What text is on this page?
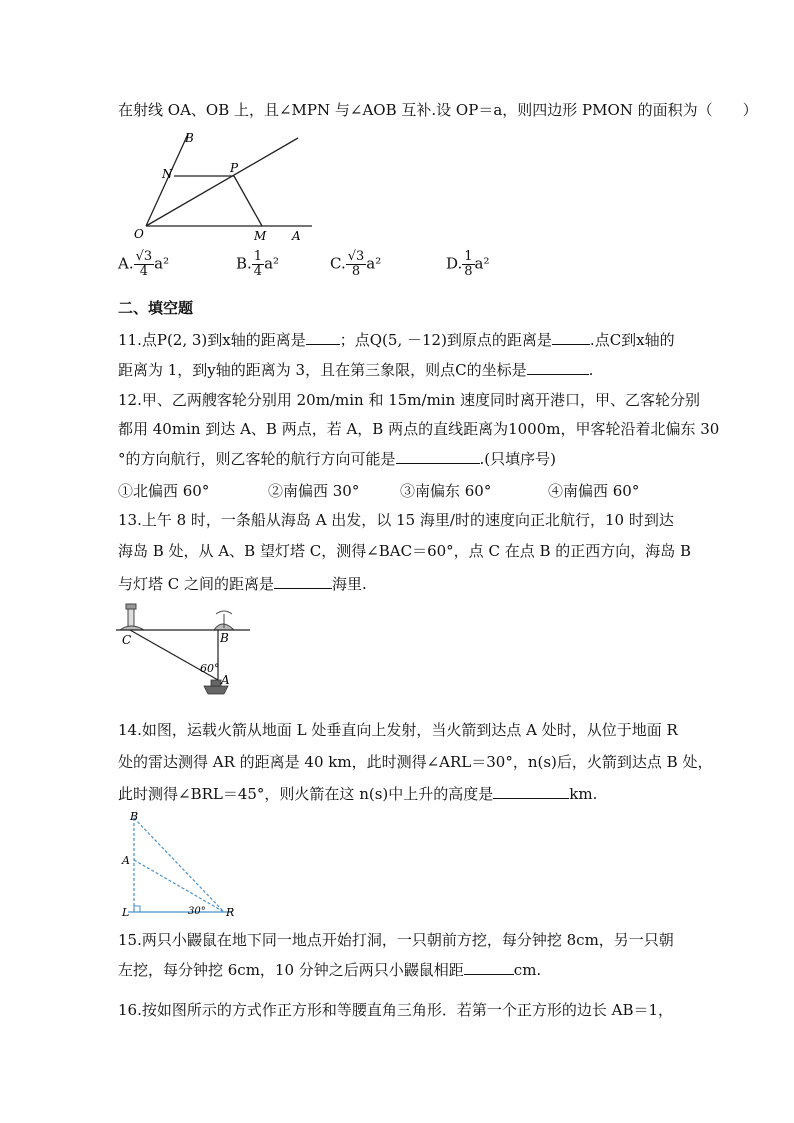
在射线 OA、OB 上，且∠MPN 与∠AOB 互补.设 OP＝a，则四边形 PMON 的面积为（　　）
B
N	P
O	M A
A. $\frac{√3}{4} a^2$	B. $\frac{1}{4} a^2$	C. $\frac{√3}{8} a^2$	D. $\frac{1}{8} a^2$
二、填空题
11.点P(2, 3)到x轴的距离是 ；点Q(5, －12)到原点的距离是	.点C到x轴的
距离为 1，到y轴的距离为 3，且在第三象限，则点C的坐标是	.
12.甲、乙两艘客轮分别用 20m/min 和 15m/min 速度同时离开港口，甲、乙客轮分别
都用 40min 到达 A、B 两点，若 A，B 两点的直线距离为1000m，甲客轮沿着北偏东 30
°的方向航行，则乙客轮的航行方向可能是	.(只填序号)
①北偏西 60°	②南偏西 30°	③南偏东 60°	④南偏西 60°
13.上午 8 时，一条船从海岛 A 出发，以 15 海里/时的速度向正北航行，10 时到达
海岛 B 处，从 A、B 望灯塔 C，测得∠BAC＝60°，点 C 在点 B 的正西方向，海岛 B
与灯塔 C 之间的距离是	海里.
C	B
A
60°
14.如图，运载火箭从地面 L 处垂直向上发射，当火箭到达点 A 处时，从位于地面 R
处的雷达测得 AR 的距离是 40 km，此时测得∠ARL＝30°，n(s)后，火箭到达点 B 处，
此时测得∠BRL＝45°，则火箭在这 n(s)中上升的高度是	km.
B
A
L	R
30°
15.两只小鼹鼠在地下同一地点开始打洞，一只朝前方挖，每分钟挖 8cm，另一只朝
左挖，每分钟挖 6cm，10 分钟之后两只小鼹鼠相距	cm.
16.按如图所示的方式作正方形和等腰直角三角形．若第一个正方形的边长 AB＝1，
